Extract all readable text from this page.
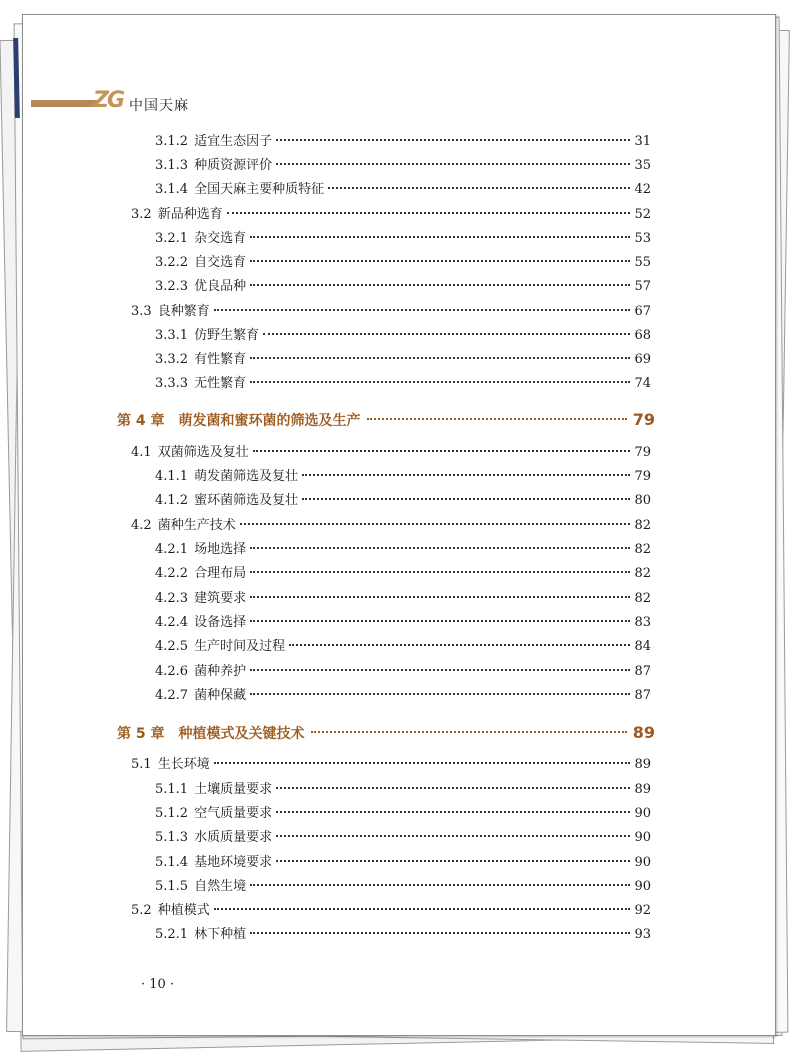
ZG 中国天麻
3.1.2 适宜生态因子	31
3.1.3 种质资源评价	35
3.1.4 全国天麻主要种质特征	42
3.2 新品种选育	52
3.2.1 杂交选育	53
3.2.2 自交选育	55
3.2.3 优良品种	57
3.3 良种繁育	67
3.3.1 仿野生繁育	68
3.3.2 有性繁育	69
3.3.3 无性繁育	74
第 4 章 萌发菌和蜜环菌的筛选及生产	79
4.1 双菌筛选及复壮	79
4.1.1 萌发菌筛选及复壮	79
4.1.2 蜜环菌筛选及复壮	80
4.2 菌种生产技术	82
4.2.1 场地选择	82
4.2.2 合理布局	82
4.2.3 建筑要求	82
4.2.4 设备选择	83
4.2.5 生产时间及过程	84
4.2.6 菌种养护	87
4.2.7 菌种保藏	87
第 5 章 种植模式及关键技术	89
5.1 生长环境	89
5.1.1 土壤质量要求	89
5.1.2 空气质量要求	90
5.1.3 水质质量要求	90
5.1.4 基地环境要求	90
5.1.5 自然生境	90
5.2 种植模式	92
5.2.1 林下种植	93
· 10 ·
